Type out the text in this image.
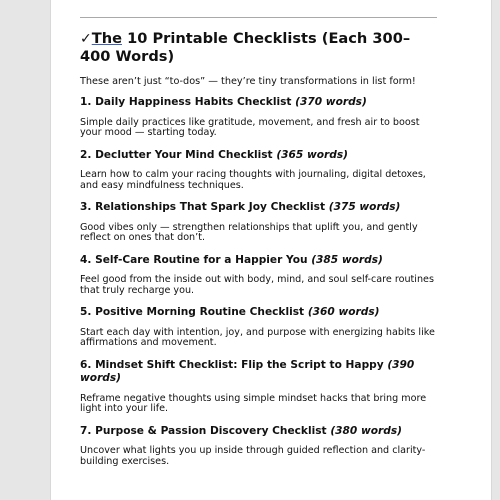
✓The 10 Printable Checklists (Each 300–400 Words)

These aren’t just “to-dos” — they’re tiny transformations in list form!

1. Daily Happiness Habits Checklist (370 words)

Simple daily practices like gratitude, movement, and fresh air to boost your mood — starting today.

2. Declutter Your Mind Checklist (365 words)

Learn how to calm your racing thoughts with journaling, digital detoxes, and easy mindfulness techniques.

3. Relationships That Spark Joy Checklist (375 words)

Good vibes only — strengthen relationships that uplift you, and gently reflect on ones that don’t.

4. Self-Care Routine for a Happier You (385 words)

Feel good from the inside out with body, mind, and soul self-care routines that truly recharge you.

5. Positive Morning Routine Checklist (360 words)

Start each day with intention, joy, and purpose with energizing habits like affirmations and movement.

6. Mindset Shift Checklist: Flip the Script to Happy (390 words)

Reframe negative thoughts using simple mindset hacks that bring more light into your life.

7. Purpose & Passion Discovery Checklist (380 words)

Uncover what lights you up inside through guided reflection and clarity-building exercises.
